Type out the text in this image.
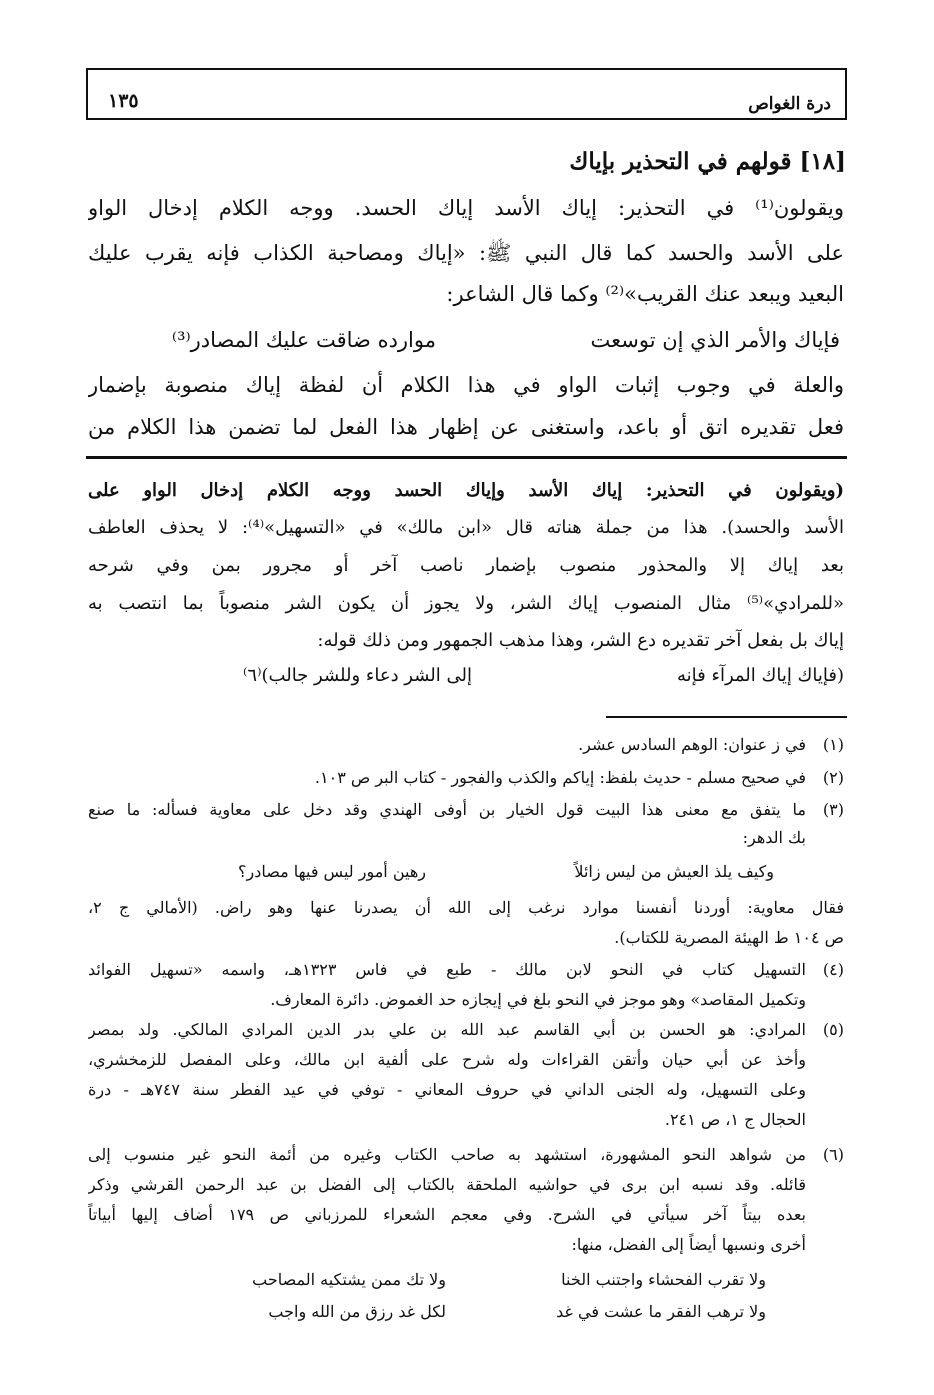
درة الغواص
١٣٥
[١٨] قولهم في التحذير بإياك
ويقولون⁽¹⁾ في التحذير: إياك الأسد إياك الحسد. ووجه الكلام إدخال الواو
على الأسد والحسد كما قال النبي ﷺ: «إياك ومصاحبة الكذاب فإنه يقرب عليك
البعيد ويبعد عنك القريب»⁽²⁾ وكما قال الشاعر:
فإياك والأمر الذي إن توسعت
موارده ضاقت عليك المصادر⁽³⁾
والعلة في وجوب إثبات الواو في هذا الكلام أن لفظة إياك منصوبة بإضمار
فعل تقديره اتق أو باعد، واستغنى عن إظهار هذا الفعل لما تضمن هذا الكلام من
(ويقولون في التحذير: إياك الأسد وإياك الحسد ووجه الكلام إدخال الواو على
الأسد والحسد). هذا من جملة هناته قال «ابن مالك» في «التسهيل»⁽⁴⁾: لا يحذف العاطف
بعد إياك إلا والمحذور منصوب بإضمار ناصب آخر أو مجرور بمن وفي شرحه
«للمرادي»⁽⁵⁾ مثال المنصوب إياك الشر، ولا يجوز أن يكون الشر منصوباً بما انتصب به
إياك بل بفعل آخر تقديره دع الشر، وهذا مذهب الجمهور ومن ذلك قوله:
(فإياك إياك المرآء فإنه
إلى الشر دعاء وللشر جالب)⁽٦⁾
(١)
في ز عنوان: الوهم السادس عشر.
(٢)
في صحيح مسلم - حديث بلفظ: إياكم والكذب والفجور - كتاب البر ص ١٠٣.
(٣)
ما يتفق مع معنى هذا البيت قول الخيار بن أوفى الهندي وقد دخل على معاوية فسأله: ما صنع
بك الدهر:
وكيف يلذ العيش من ليس زائلاً
رهين أمور ليس فيها مصادر؟
فقال معاوية: أوردنا أنفسنا موارد نرغب إلى الله أن يصدرنا عنها وهو راض. (الأمالي ج ٢،
ص ١٠٤ ط الهيئة المصرية للكتاب).
(٤)
التسهيل كتاب في النحو لابن مالك - طبع في فاس ١٣٢٣هـ، واسمه «تسهيل الفوائد
وتكميل المقاصد» وهو موجز في النحو بلغ في إيجازه حد الغموض. دائرة المعارف.
(٥)
المرادي: هو الحسن بن أبي القاسم عبد الله بن علي بدر الدين المرادي المالكي. ولد بمصر
وأخذ عن أبي حيان وأتقن القراءات وله شرح على ألفية ابن مالك، وعلى المفصل للزمخشري،
وعلى التسهيل، وله الجنى الداني في حروف المعاني - توفي في عيد الفطر سنة ٧٤٧هـ - درة
الحجال ج ١، ص ٢٤١.
(٦)
من شواهد النحو المشهورة، استشهد به صاحب الكتاب وغيره من أئمة النحو غير منسوب إلى
قائله. وقد نسبه ابن برى في حواشيه الملحقة بالكتاب إلى الفضل بن عبد الرحمن القرشي وذكر
بعده بيتاً آخر سيأتي في الشرح. وفي معجم الشعراء للمرزباني ص ١٧٩ أضاف إليها أبياتاً
أخرى ونسبها أيضاً إلى الفضل، منها:
ولا تقرب الفحشاء واجتنب الخنا
ولا تك ممن يشتكيه المصاحب
ولا ترهب الفقر ما عشت في غد
لكل غد رزق من الله واجب
